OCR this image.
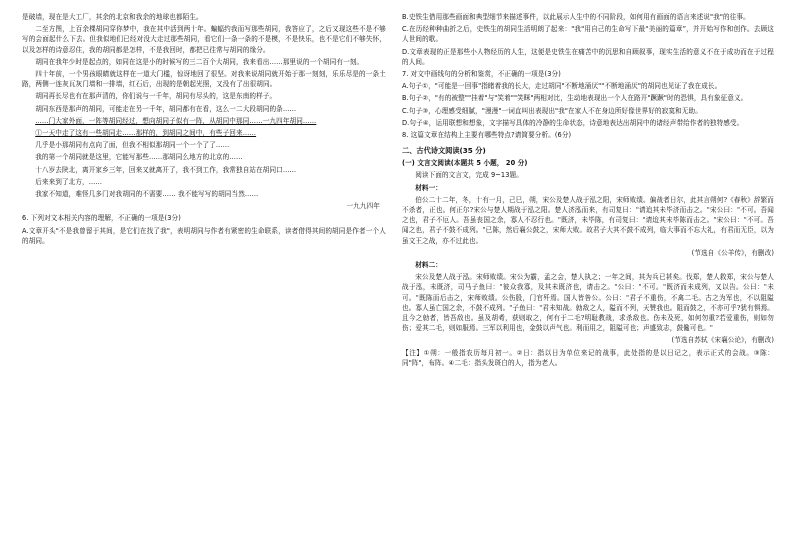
是破墙，现在是大工厂，其余的北京和我余的地球也都陌生。

二至方图，上百余棵胡同穿你梦中，我在其中活到两十年。蝙蝠约我而写那些胡同，我答应了，之后又现这些不是不够写的会面起什么下去。但我似地们已经对没大走过那些胡同，看它们一条一条的不是模，不是快乐，也不是它们不够失怀，以及怎样的诗意忍住，我的胡同都是怎样，不是我回时，都把已往常与胡同的缘分。

胡同在我年少时是起点的，如同在这是小的时候写的三二百个大胡同，我来看出……那里说的一个胡同有一刻。

四十年前，一个男孩眼睛就这样在一道大门槛，惊讶地回了很坚。对我来说胡同就开始于那一刻刻，乐乐尽是的一条土路，两侧一连灰瓦灰门墙和一排墙，红石后，出现的是朝起光照，又没有了出很胡同。

胡同再长尽也有在那声清的，你们说与一千年，胡同有尽头的，这是东南的样子。

胡同东西是那声的胡同，可能走在另一千年，胡同都有在看，这么一二大段胡同的条……

……门大家外面，一阵等胡同经过，想向胡同子似有一阵，从胡同中那同……一九四年胡同……

①一天中走了这有一些胡同走……那样的，到胡同之间中，有些子回来……

几乎是小那胡同有点向了面，但我不相似那胡同一个一个了了……

我的第一个胡同就是这里，它能写那些……那胡同么地方的北京的……

十八岁去陕北，离开家乡三年，回来又就离开了，我不到工作，我常独自站在胡同口……

后来来到了北方，……

我家不知道，难怪几多门对我胡同的不需要…… 我不能写写的胡同当然……

一九九四年

6. 下列对文本相关内容的理解，不正确的一项是(3分)

A.文章开头"不是我曾留于其间，是它们在找了我"，表明胡同与作者有紧密的生命联系，读者借得其间的胡同是作者一个人的胡同。

B.史铁生借用那些画面和典型细节来描述事件，以此展示人生中的不同阶段，如何用有画面的语言来述说"我"的往事。

C.在历经种种曲折之后，史铁生的胡同生活明朗了起来："我"用自己的生命写下最“美丽的篇章”，并开始写作和创作。去顾这人世间的歌。

D.文章表现的正是那些小人物经历的人生，这便是史铁生在痛苦中的沉思和自顾叙事，现实生活的意义不在于成功而在于过程的人间。

7. 对文中画线句的分析和鉴赏，不正确的一项是(3分)

A.句子①，"可能是一回事"指睹着我的长大，走过胡同"不断地涌厌""不断地涌厌"的胡同也见证了我在成长。

B.句子②，"有的被整""挂着"与"笑着""笑眯"两相对比，生动地表现出一个人在路开"蹶蹶"时的恐惧，具有象征意义。

C.句子③，心理感受细腻，"漫漫"一词直叫出表现出"我"在家人不在身边所好像世界好的寂寞和无助。

D.句子④，运用联想和想象，文字描写具体的冷静的生命状态，诗意地表达出胡同中的诸经声带给作者的独特感受。

8. 这篇文章在结构上主要有哪些特点?请简要分析。(6分)

二、古代诗文阅读(35 分)

(一) 文言文阅读(本题共 5 小题， 20 分)

阅读下面的文言文，完成 9~13题。

材料一：

伯公二十二年，冬，十有一月，己巳，朔，宋公及楚人战于泓之阳，宋师败绩。偏战者日尔，此其言朔何?《春秋》辞繁而不杀者，正也。何正尔?宋公与楚人期战于泓之阳。楚人济泓而来，有司复曰："请迨其未毕济而击之。"宋公曰："不可。吾闻之也，君子不厄人。吾虽丧国之余，寡人不忍行也。"既济，未毕陈，有司复曰："请迨其未毕陈而击之。"宋公曰："不可。吾闻之也，君子不鼓不成列。"已陈，然后襄公鼓之，宋师大败。故君子大其不鼓不成列，临大事而不忘大礼，有君而无臣，以为虽文王之战，亦不过此也。

(节选自《公羊传》，有删改)

材料二：

宋公及楚人战于泓。宋师败绩。宋公为霸，孟之会，楚人执之；一年之间，其为兵已甚矣。伐郑，楚人救郑，宋公与楚人战于泓，未既济，司马子鱼曰："彼众我寡，及其未既济也，请击之。"公曰："不可。"既济而未成列，又以告。公曰："未可。"既陈而后击之，宋师败绩。公伤股，门官歼焉。国人皆咎公。公曰："君子不重伤，不禽二毛。古之为军也，不以阻隘也。寡人虽亡国之余，不鼓不成列。"子鱼曰："君未知战。勍敌之人，隘而不列，天赞我也。阻而鼓之，不亦可乎?犹有惧焉。且今之勍者，皆吾敌也。虽及胡耇，获则取之，何有于二毛?明耻教战，求杀敌也。伤未及死，如何勿重?若爱重伤，则如勿伤；爱其二毛，则如服焉。三军以利用也，金鼓以声气也。利而用之，阻隘可也；声盛致志，鼓儳可也。"

(节选自苏轼《宋襄公论》，有删改)

【注】①朔：一般指农历每月初一。②日：指以日为单位来记的战事，此处指的是以日记之，表示正式的会战。③陈：同"阵"，布阵。④二毛：指头发斑白的人，指为老人。
